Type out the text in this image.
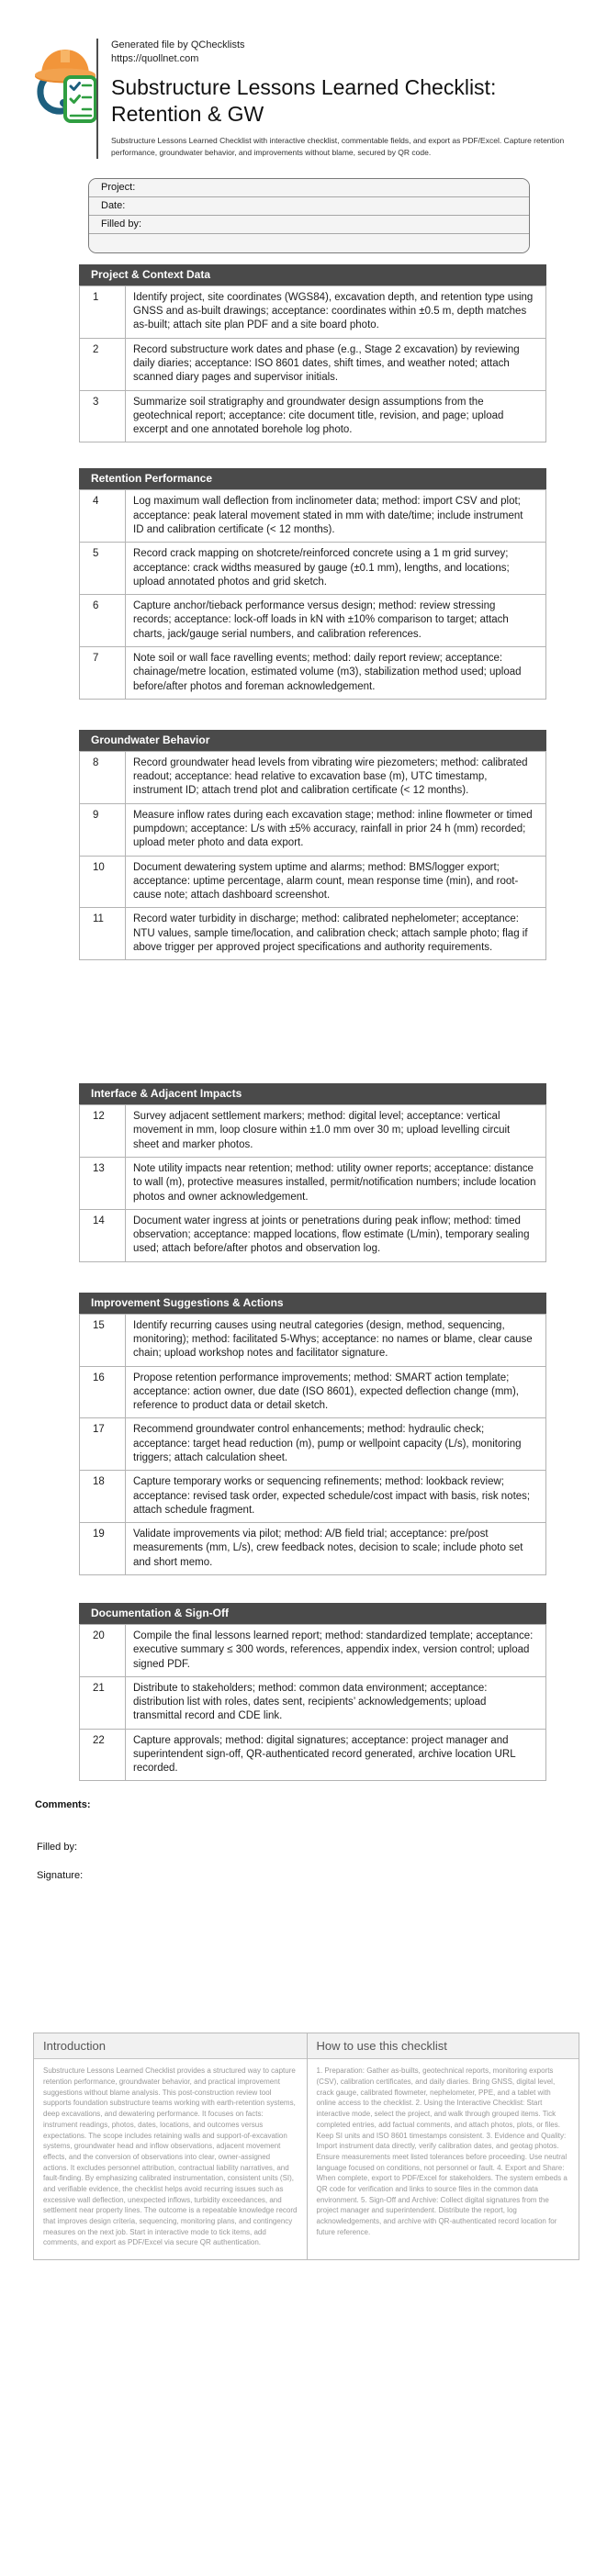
Generated file by QChecklists
https://quollnet.com
Substructure Lessons Learned Checklist: Retention & GW
Substructure Lessons Learned Checklist with interactive checklist, commentable fields, and export as PDF/Excel. Capture retention performance, groundwater behavior, and improvements without blame, secured by QR code.
Project:
Date:
Filled by:
Project & Context Data
1	Identify project, site coordinates (WGS84), excavation depth, and retention type using GNSS and as-built drawings; acceptance: coordinates within ±0.5 m, depth matches as-built; attach site plan PDF and a site board photo.
2	Record substructure work dates and phase (e.g., Stage 2 excavation) by reviewing daily diaries; acceptance: ISO 8601 dates, shift times, and weather noted; attach scanned diary pages and supervisor initials.
3	Summarize soil stratigraphy and groundwater design assumptions from the geotechnical report; acceptance: cite document title, revision, and page; upload excerpt and one annotated borehole log photo.
Retention Performance
4	Log maximum wall deflection from inclinometer data; method: import CSV and plot; acceptance: peak lateral movement stated in mm with date/time; include instrument ID and calibration certificate (< 12 months).
5	Record crack mapping on shotcrete/reinforced concrete using a 1 m grid survey; acceptance: crack widths measured by gauge (±0.1 mm), lengths, and locations; upload annotated photos and grid sketch.
6	Capture anchor/tieback performance versus design; method: review stressing records; acceptance: lock-off loads in kN with ±10% comparison to target; attach charts, jack/gauge serial numbers, and calibration references.
7	Note soil or wall face ravelling events; method: daily report review; acceptance: chainage/metre location, estimated volume (m3), stabilization method used; upload before/after photos and foreman acknowledgement.
Groundwater Behavior
8	Record groundwater head levels from vibrating wire piezometers; method: calibrated readout; acceptance: head relative to excavation base (m), UTC timestamp, instrument ID; attach trend plot and calibration certificate (< 12 months).
9	Measure inflow rates during each excavation stage; method: inline flowmeter or timed pumpdown; acceptance: L/s with ±5% accuracy, rainfall in prior 24 h (mm) recorded; upload meter photo and data export.
10	Document dewatering system uptime and alarms; method: BMS/logger export; acceptance: uptime percentage, alarm count, mean response time (min), and root-cause note; attach dashboard screenshot.
11	Record water turbidity in discharge; method: calibrated nephelometer; acceptance: NTU values, sample time/location, and calibration check; attach sample photo; flag if above trigger per approved project specifications and authority requirements.
Interface & Adjacent Impacts
12	Survey adjacent settlement markers; method: digital level; acceptance: vertical movement in mm, loop closure within ±1.0 mm over 30 m; upload levelling circuit sheet and marker photos.
13	Note utility impacts near retention; method: utility owner reports; acceptance: distance to wall (m), protective measures installed, permit/notification numbers; include location photos and owner acknowledgement.
14	Document water ingress at joints or penetrations during peak inflow; method: timed observation; acceptance: mapped locations, flow estimate (L/min), temporary sealing used; attach before/after photos and observation log.
Improvement Suggestions & Actions
15	Identify recurring causes using neutral categories (design, method, sequencing, monitoring); method: facilitated 5-Whys; acceptance: no names or blame, clear cause chain; upload workshop notes and facilitator signature.
16	Propose retention performance improvements; method: SMART action template; acceptance: action owner, due date (ISO 8601), expected deflection change (mm), reference to product data or detail sketch.
17	Recommend groundwater control enhancements; method: hydraulic check; acceptance: target head reduction (m), pump or wellpoint capacity (L/s), monitoring triggers; attach calculation sheet.
18	Capture temporary works or sequencing refinements; method: lookback review; acceptance: revised task order, expected schedule/cost impact with basis, risk notes; attach schedule fragment.
19	Validate improvements via pilot; method: A/B field trial; acceptance: pre/post measurements (mm, L/s), crew feedback notes, decision to scale; include photo set and short memo.
Documentation & Sign-Off
20	Compile the final lessons learned report; method: standardized template; acceptance: executive summary ≤ 300 words, references, appendix index, version control; upload signed PDF.
21	Distribute to stakeholders; method: common data environment; acceptance: distribution list with roles, dates sent, recipients’ acknowledgements; upload transmittal record and CDE link.
22	Capture approvals; method: digital signatures; acceptance: project manager and superintendent sign-off, QR-authenticated record generated, archive location URL recorded.
Comments:
Filled by:
Signature:
Introduction
Substructure Lessons Learned Checklist provides a structured way to capture retention performance, groundwater behavior, and practical improvement suggestions without blame analysis. This post-construction review tool supports foundation substructure teams working with earth-retention systems, deep excavations, and dewatering performance. It focuses on facts: instrument readings, photos, dates, locations, and outcomes versus expectations. The scope includes retaining walls and support-of-excavation systems, groundwater head and inflow observations, adjacent movement effects, and the conversion of observations into clear, owner-assigned actions. It excludes personnel attribution, contractual liability narratives, and fault-finding. By emphasizing calibrated instrumentation, consistent units (SI), and verifiable evidence, the checklist helps avoid recurring issues such as excessive wall deflection, unexpected inflows, turbidity exceedances, and settlement near property lines. The outcome is a repeatable knowledge record that improves design criteria, sequencing, monitoring plans, and contingency measures on the next job. Start in interactive mode to tick items, add comments, and export as PDF/Excel via secure QR authentication.
How to use this checklist
1. Preparation: Gather as-builts, geotechnical reports, monitoring exports (CSV), calibration certificates, and daily diaries. Bring GNSS, digital level, crack gauge, calibrated flowmeter, nephelometer, PPE, and a tablet with online access to the checklist. 2. Using the Interactive Checklist: Start interactive mode, select the project, and walk through grouped items. Tick completed entries, add factual comments, and attach photos, plots, or files. Keep SI units and ISO 8601 timestamps consistent. 3. Evidence and Quality: Import instrument data directly, verify calibration dates, and geotag photos. Ensure measurements meet listed tolerances before proceeding. Use neutral language focused on conditions, not personnel or fault. 4. Export and Share: When complete, export to PDF/Excel for stakeholders. The system embeds a QR code for verification and links to source files in the common data environment. 5. Sign-Off and Archive: Collect digital signatures from the project manager and superintendent. Distribute the report, log acknowledgements, and archive with QR-authenticated record location for future reference.
